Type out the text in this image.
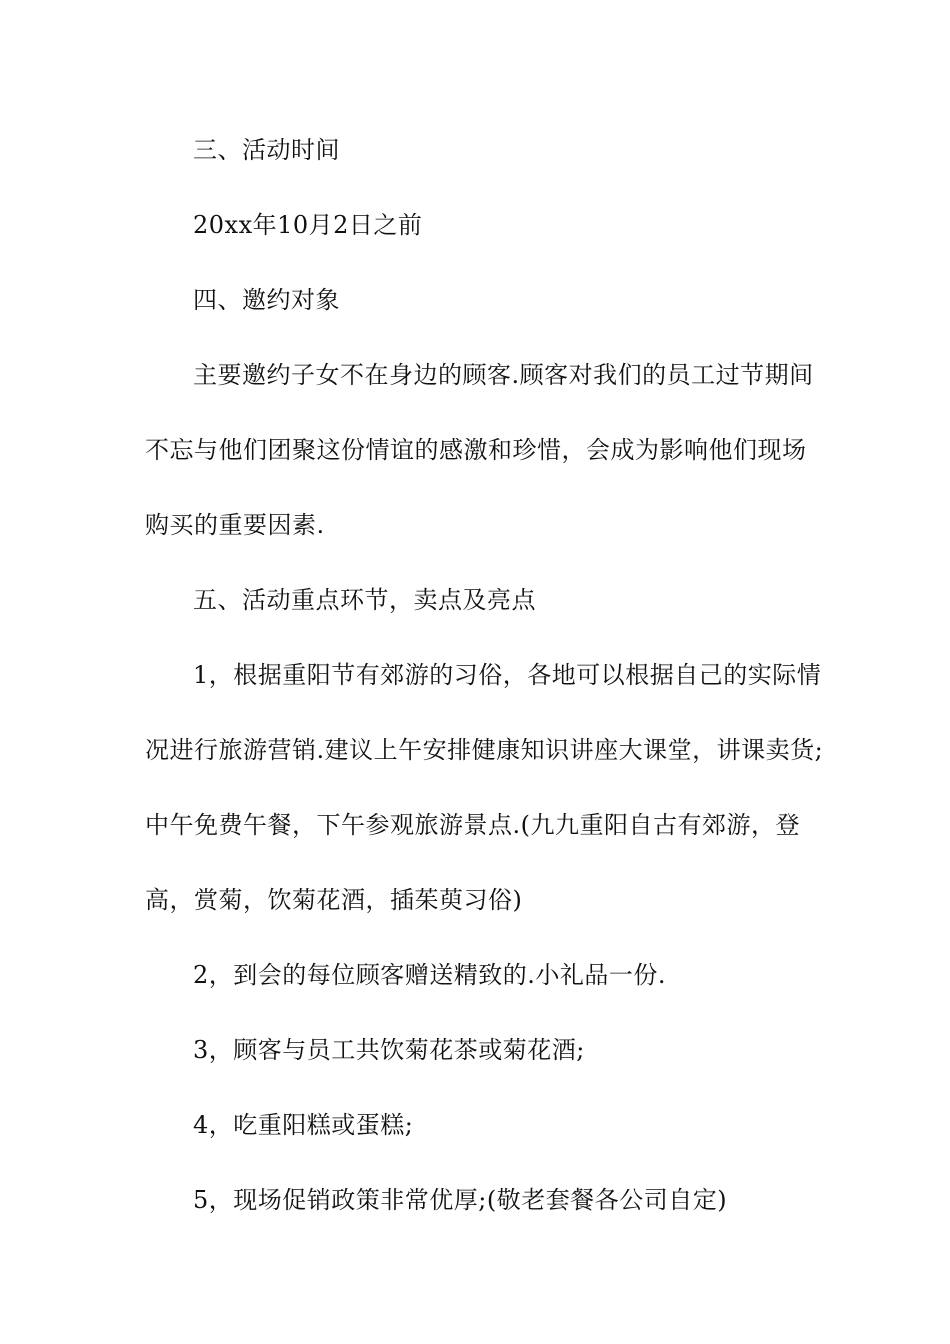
三、活动时间
20xx年10月2日之前
四、邀约对象
主要邀约子女不在身边的顾客.顾客对我们的员工过节期间
不忘与他们团聚这份情谊的感激和珍惜，会成为影响他们现场
购买的重要因素.
五、活动重点环节，卖点及亮点
1，根据重阳节有郊游的习俗，各地可以根据自己的实际情
况进行旅游营销.建议上午安排健康知识讲座大课堂，讲课卖货;
中午免费午餐，下午参观旅游景点.(九九重阳自古有郊游，登
高，赏菊，饮菊花酒，插茱萸习俗)
2，到会的每位顾客赠送精致的.小礼品一份.
3，顾客与员工共饮菊花茶或菊花酒;
4，吃重阳糕或蛋糕;
5，现场促销政策非常优厚;(敬老套餐各公司自定)
